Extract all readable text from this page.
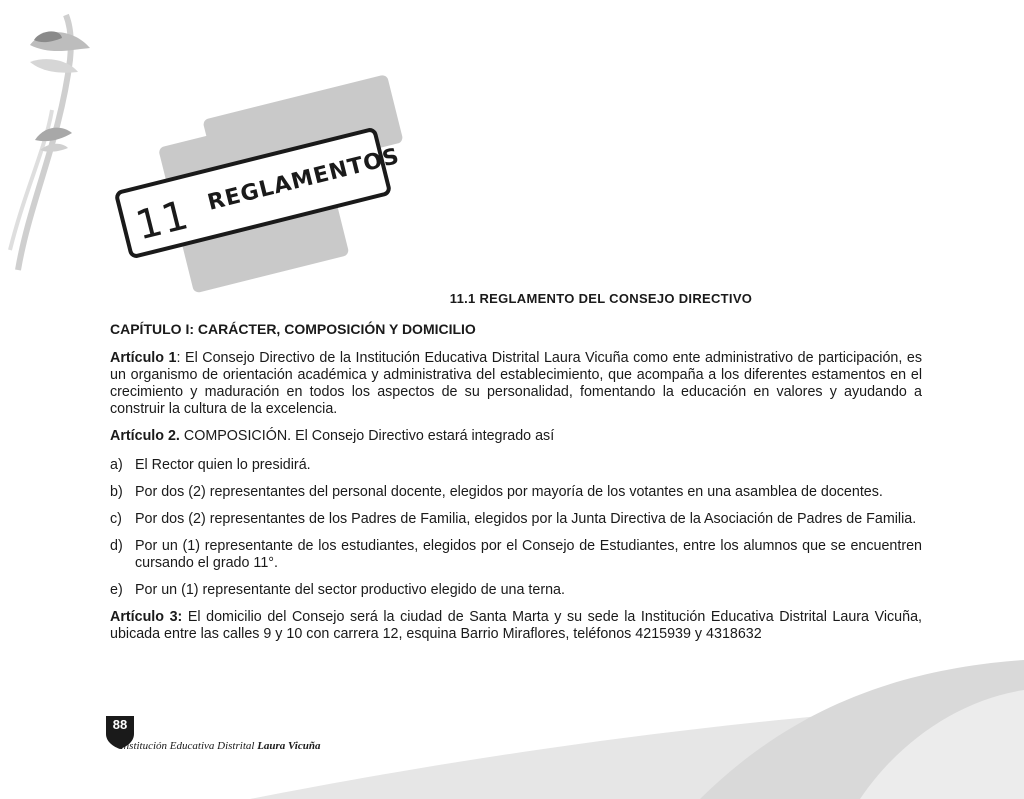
11
REGLAMENTOS
11.1 REGLAMENTO DEL CONSEJO DIRECTIVO
CAPÍTULO I: CARÁCTER, COMPOSICIÓN Y DOMICILIO

Artículo 1: El Consejo Directivo de la Institución Educativa Distrital Laura Vicuña como ente administrativo de participación, es un organismo de orientación académica y administrativa del establecimiento, que acompaña a los diferentes estamentos en el crecimiento y maduración en todos los aspectos de su personalidad, fomentando la educación en valores y ayudando a construir la cultura de la excelencia.

Artículo 2. COMPOSICIÓN. El Consejo Directivo estará integrado así

a) El Rector quien lo presidirá.
b) Por dos (2) representantes del personal docente, elegidos por mayoría de los votantes en una asamblea de docentes.
c) Por dos (2) representantes de los Padres de Familia, elegidos por la Junta Directiva de la Asociación de Padres de Familia.
d) Por un (1) representante de los estudiantes, elegidos por el Consejo de Estudiantes, entre los alumnos que se encuentren cursando el grado 11°.
e) Por un (1) representante del sector productivo elegido de una terna.

Artículo 3: El domicilio del Consejo será la ciudad de Santa Marta y su sede la Institución Educativa Distrital Laura Vicuña, ubicada entre las calles 9 y 10 con carrera 12, esquina Barrio Miraflores, teléfonos 4215939 y 4318632

88
Institución Educativa Distrital Laura Vicuña
